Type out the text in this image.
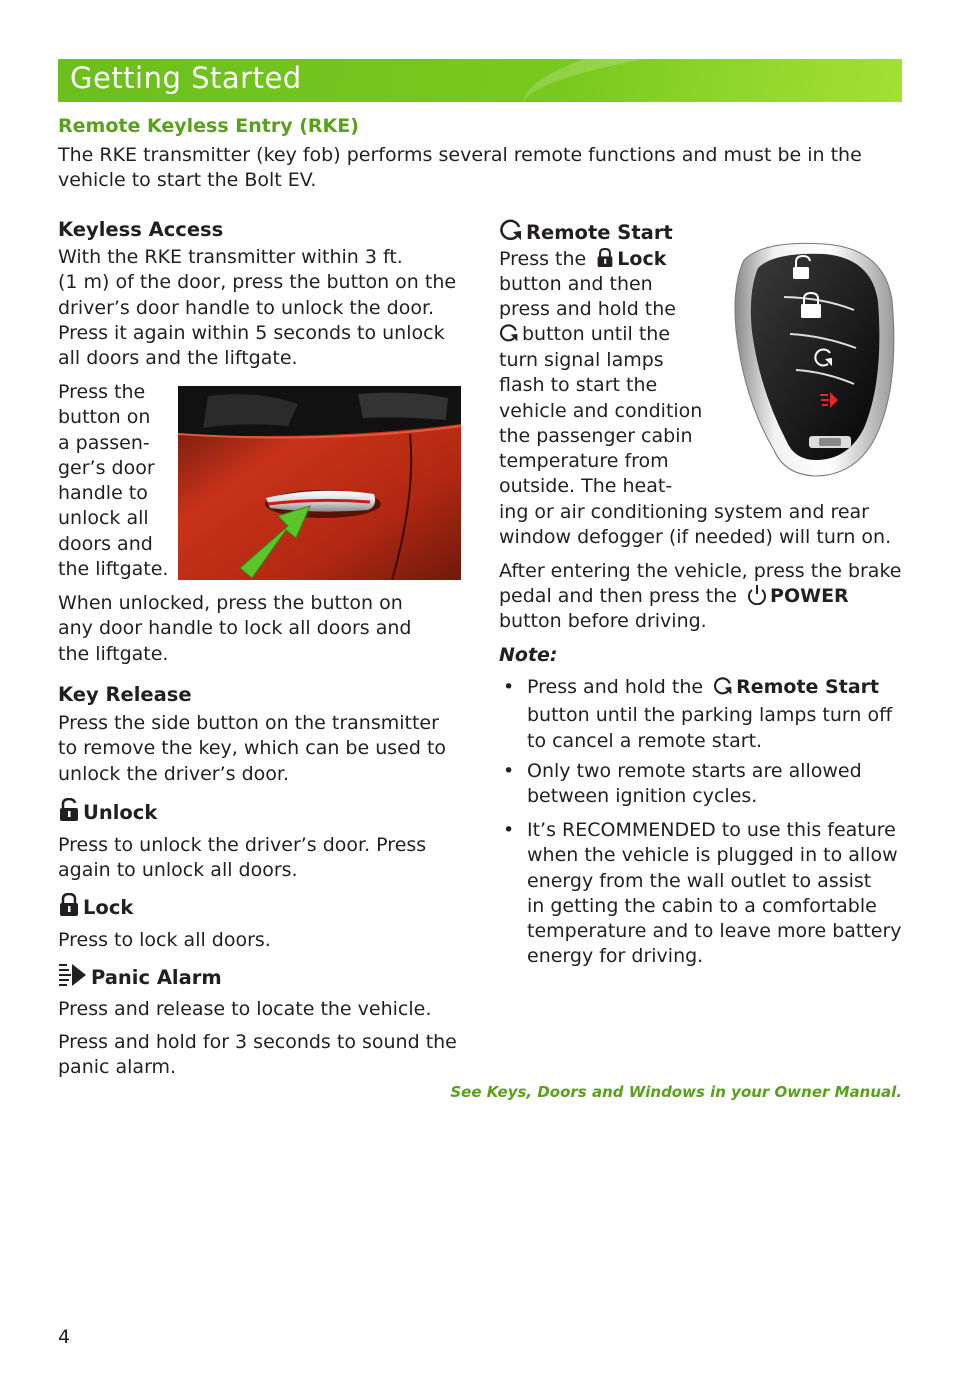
Getting Started
Remote Keyless Entry (RKE)
The RKE transmitter (key fob) performs several remote functions and must be in the
vehicle to start the Bolt EV.
Keyless Access
With the RKE transmitter within 3 ft.
(1 m) of the door, press the button on the
driver’s door handle to unlock the door.
Press it again within 5 seconds to unlock
all doors and the liftgate.
Press the
button on
a passen-
ger’s door
handle to
unlock all
doors and
the liftgate.
When unlocked, press the button on
any door handle to lock all doors and
the liftgate.
Key Release
Press the side button on the transmitter
to remove the key, which can be used to
unlock the driver’s door.
Unlock
Press to unlock the driver’s door. Press
again to unlock all doors.
Lock
Press to lock all doors.
Panic Alarm
Press and release to locate the vehicle.
Press and hold for 3 seconds to sound the
panic alarm.
Remote Start
Press the Lock
button and then
press and hold the
button until the
turn signal lamps
flash to start the
vehicle and condition
the passenger cabin
temperature from
outside. The heat-
ing or air conditioning system and rear
window defogger (if needed) will turn on.
After entering the vehicle, press the brake
pedal and then press the POWER
button before driving.
Note:
• Press and hold the Remote Start
button until the parking lamps turn off
to cancel a remote start.
• Only two remote starts are allowed
between ignition cycles.
• It’s RECOMMENDED to use this feature
when the vehicle is plugged in to allow
energy from the wall outlet to assist
in getting the cabin to a comfortable
temperature and to leave more battery
energy for driving.
See Keys, Doors and Windows in your Owner Manual.
4
